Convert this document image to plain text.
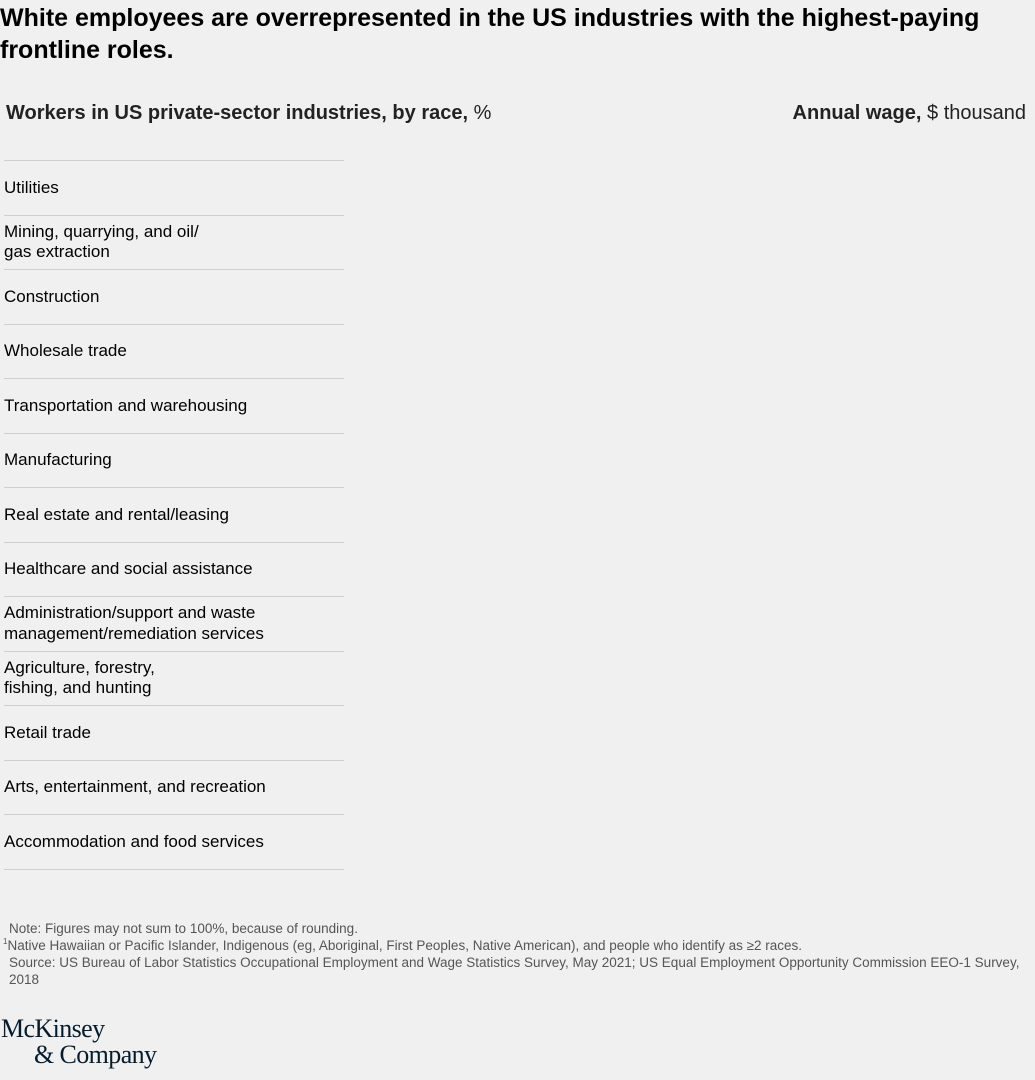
White employees are overrepresented in the US industries with the highest-paying frontline roles.
Workers in US private-sector industries, by race, %	Annual wage, $ thousand
Utilities
Mining, quarrying, and oil/
gas extraction
Construction
Wholesale trade
Transportation and warehousing
Manufacturing
Real estate and rental/leasing
Healthcare and social assistance
Administration/support and waste
management/remediation services
Agriculture, forestry,
fishing, and hunting
Retail trade
Arts, entertainment, and recreation
Accommodation and food services
Note: Figures may not sum to 100%, because of rounding.
$^1$Native Hawaiian or Pacific Islander, Indigenous (eg, Aboriginal, First Peoples, Native American), and people who identify as ≥2 races.
Source: US Bureau of Labor Statistics Occupational Employment and Wage Statistics Survey, May 2021; US Equal Employment Opportunity Commission EEO-1 Survey, 2018
McKinsey
& Company
